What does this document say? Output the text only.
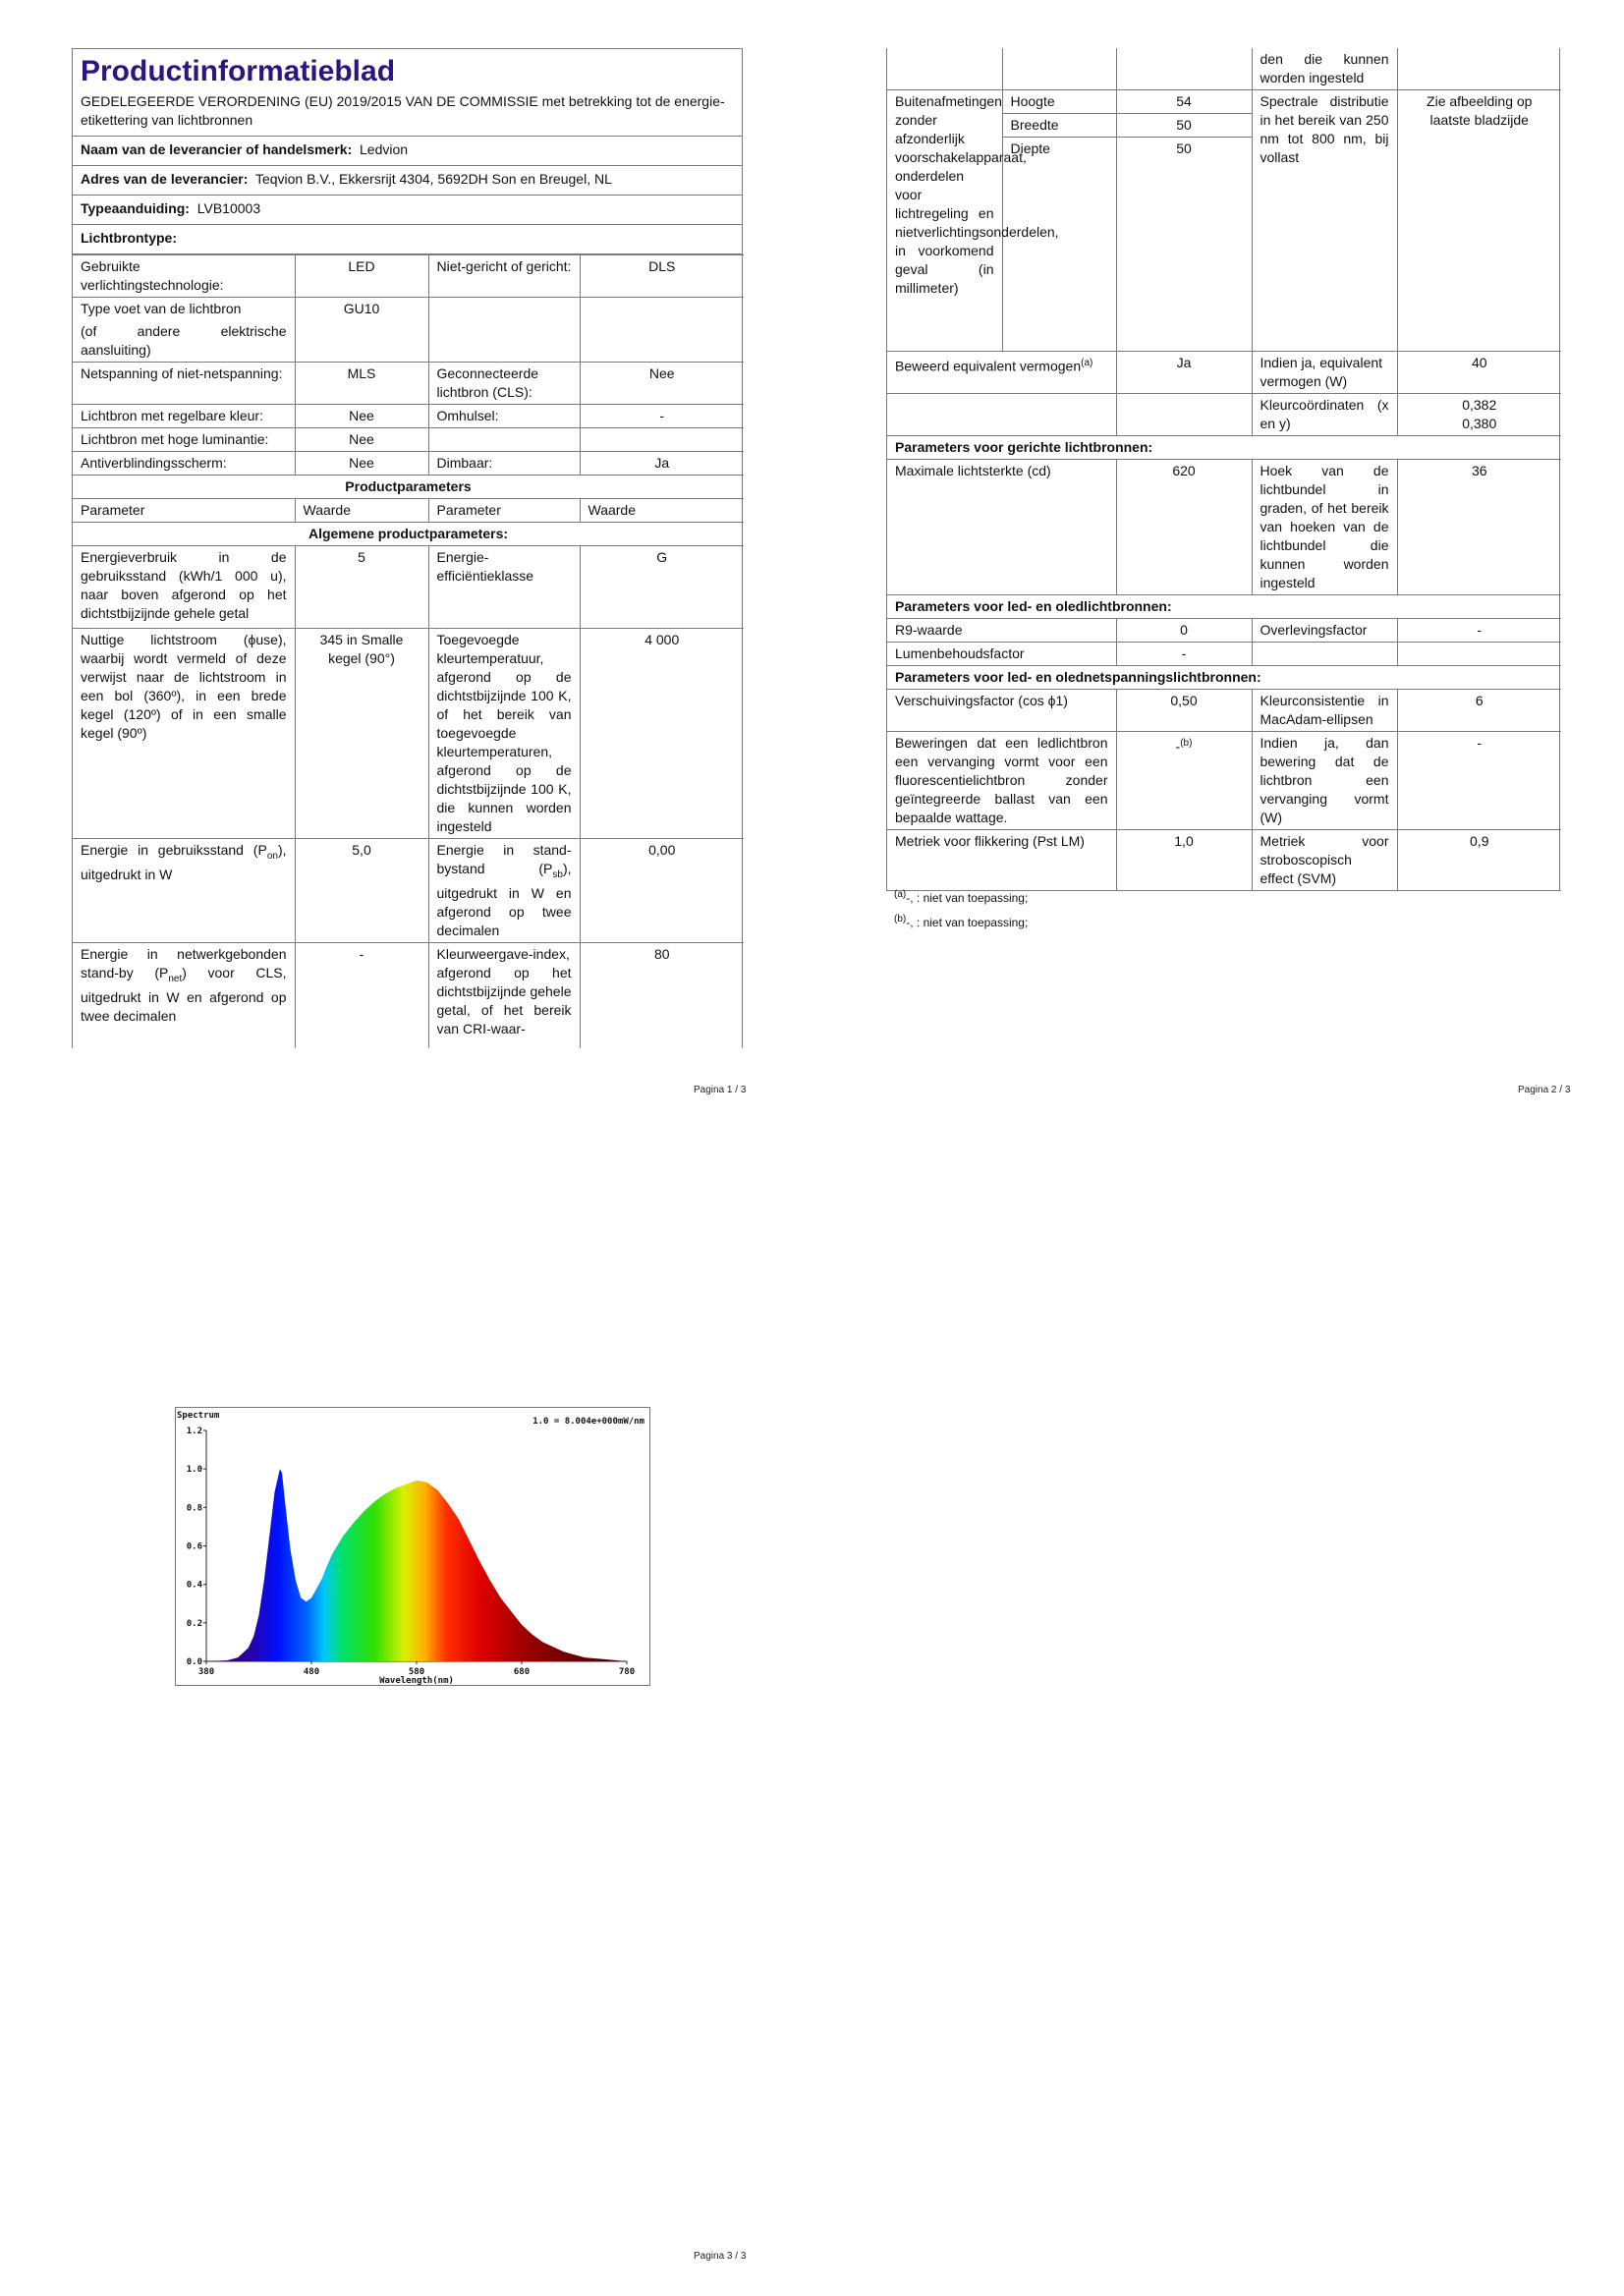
Productinformatieblad
GEDELEGEERDE VERORDENING (EU) 2019/2015 VAN DE COMMISSIE met betrekking tot de energie-etikettering van lichtbronnen
Naam van de leverancier of handelsmerk: Ledvion
Adres van de leverancier: Teqvion B.V., Ekkersrijt 4304, 5692DH Son en Breugel, NL
Typeaanduiding: LVB10003
Lichtbrontype:
Gebruikte verlichtingstechnologie:	LED	Niet-gericht of gericht:	DLS

Type voet van de lichtbron
(of andere elektrische aansluiting)	GU10		
Netspanning of niet-netspanning:	MLS	Geconnecteerde lichtbron (CLS):	Nee
Lichtbron met regelbare kleur:	Nee	Omhulsel:	-
Lichtbron met hoge luminantie:	Nee		
Antiverblindingsscherm:	Nee	Dimbaar:	Ja
Productparameters			
Parameter	Waarde	Parameter	Waarde
Algemene productparameters:			
Energieverbruik in de gebruiksstand (kWh/1 000 u), naar boven afgerond op het dichtstbijzijnde gehele getal	5	Energie-efficiëntieklasse	G
Nuttige lichtstroom (ϕuse), waarbij wordt vermeld of deze verwijst naar de lichtstroom in een bol (360º), in een brede kegel (120º) of in een smalle kegel (90º)	345 in Smalle kegel (90°)	Toegevoegde kleurtemperatuur, afgerond op de dichtstbijzijnde 100 K, of het bereik van toegevoegde kleurtemperaturen, afgerond op de dichtstbijzijnde 100 K, die kunnen worden ingesteld	4 000
Energie in gebruiksstand $(P_{on})$, uitgedrukt in W	5,0	Energie in stand-bystand $(P_{sb})$, uitgedrukt in W en afgerond op twee decimalen	0,00
Energie in netwerkgebonden stand-by $(P_{net})$ voor CLS, uitgedrukt in W en afgerond op twee decimalen	-	Kleurweergave-index, afgerond op het dichtstbijzijnde gehele getal, of het bereik van CRI-waar-	80
Pagina 1 / 3
			den die kunnen worden ingesteld	
Buitenafmetingen zonder afzonderlijk voorschakelapparaat, onderdelen voor lichtregeling en nietverlichtingsonderdelen, in voorkomend geval (in millimeter)	Hoogte	54	Spectrale distributie in het bereik van 250 nm tot 800 nm, bij vollast	Zie afbeelding op laatste bladzijde
	Breedte	50		
	Diepte	50		
Beweerd equivalent vermogen$^{(a)}$		Ja	Indien ja, equivalent vermogen (W)	40
			Kleurcoördinaten (x en y)	0,382
0,380

Parameters voor gerichte lichtbronnen:				
Maximale lichtsterkte (cd)		620	Hoek van de lichtbundel in graden, of het bereik van hoeken van de lichtbundel die kunnen worden ingesteld	36
Parameters voor led- en oledlichtbronnen:				
R9-waarde		0	Overlevingsfactor	-
Lumenbehoudsfactor		-		
Parameters voor led- en olednetspanningslichtbronnen:				
Verschuivingsfactor (cos ϕ1)		0,50	Kleurconsistentie in MacAdam-ellipsen	6
Beweringen dat een ledlichtbron een vervanging vormt voor een fluorescentielichtbron zonder geïntegreerde ballast van een bepaalde wattage.		-$^{(b)}$	Indien ja, dan bewering dat de lichtbron een vervanging vormt (W)	-
Metriek voor flikkering (Pst LM)		1,0	Metriek voor stroboscopisch effect (SVM)	0,9
$^{(a)}$-, : niet van toepassing;
$^{(b)}$-, : niet van toepassing;
Pagina 2 / 3
Spectrum
1.0 = 8.004e+000mW/nm
0.0
0.2
0.4
0.6
0.8
1.0
1.2
380	480	580	680	780
Wavelength(nm)
Pagina 3 / 3
